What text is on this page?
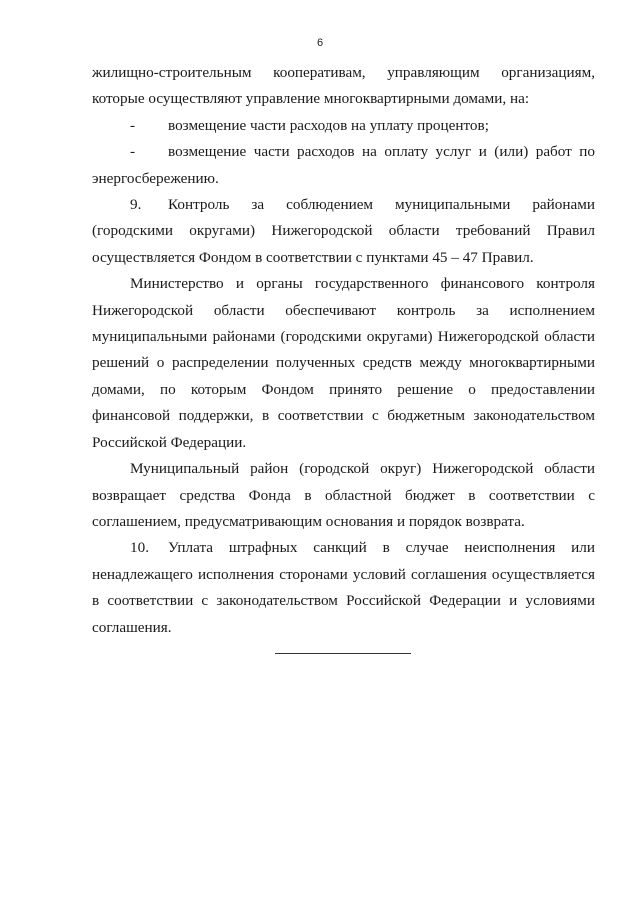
6

жилищно-строительным кооперативам, управляющим организациям, которые осуществляют управление многоквартирными домами, на:

- возмещение части расходов на уплату процентов;

- возмещение части расходов на оплату услуг и (или) работ по энергосбережению.

9. Контроль за соблюдением муниципальными районами (городскими округами) Нижегородской области требований Правил осуществляется Фондом в соответствии с пунктами 45 – 47 Правил.

Министерство и органы государственного финансового контроля Нижегородской области обеспечивают контроль за исполнением муниципальными районами (городскими округами) Нижегородской области решений о распределении полученных средств между многоквартирными домами, по которым Фондом принято решение о предоставлении финансовой поддержки, в соответствии с бюджетным законодательством Российской Федерации.

Муниципальный район (городской округ) Нижегородской области возвращает средства Фонда в областной бюджет в соответствии с соглашением, предусматривающим основания и порядок возврата.

10. Уплата штрафных санкций в случае неисполнения или ненадлежащего исполнения сторонами условий соглашения осуществляется в соответствии с законодательством Российской Федерации и условиями соглашения.
